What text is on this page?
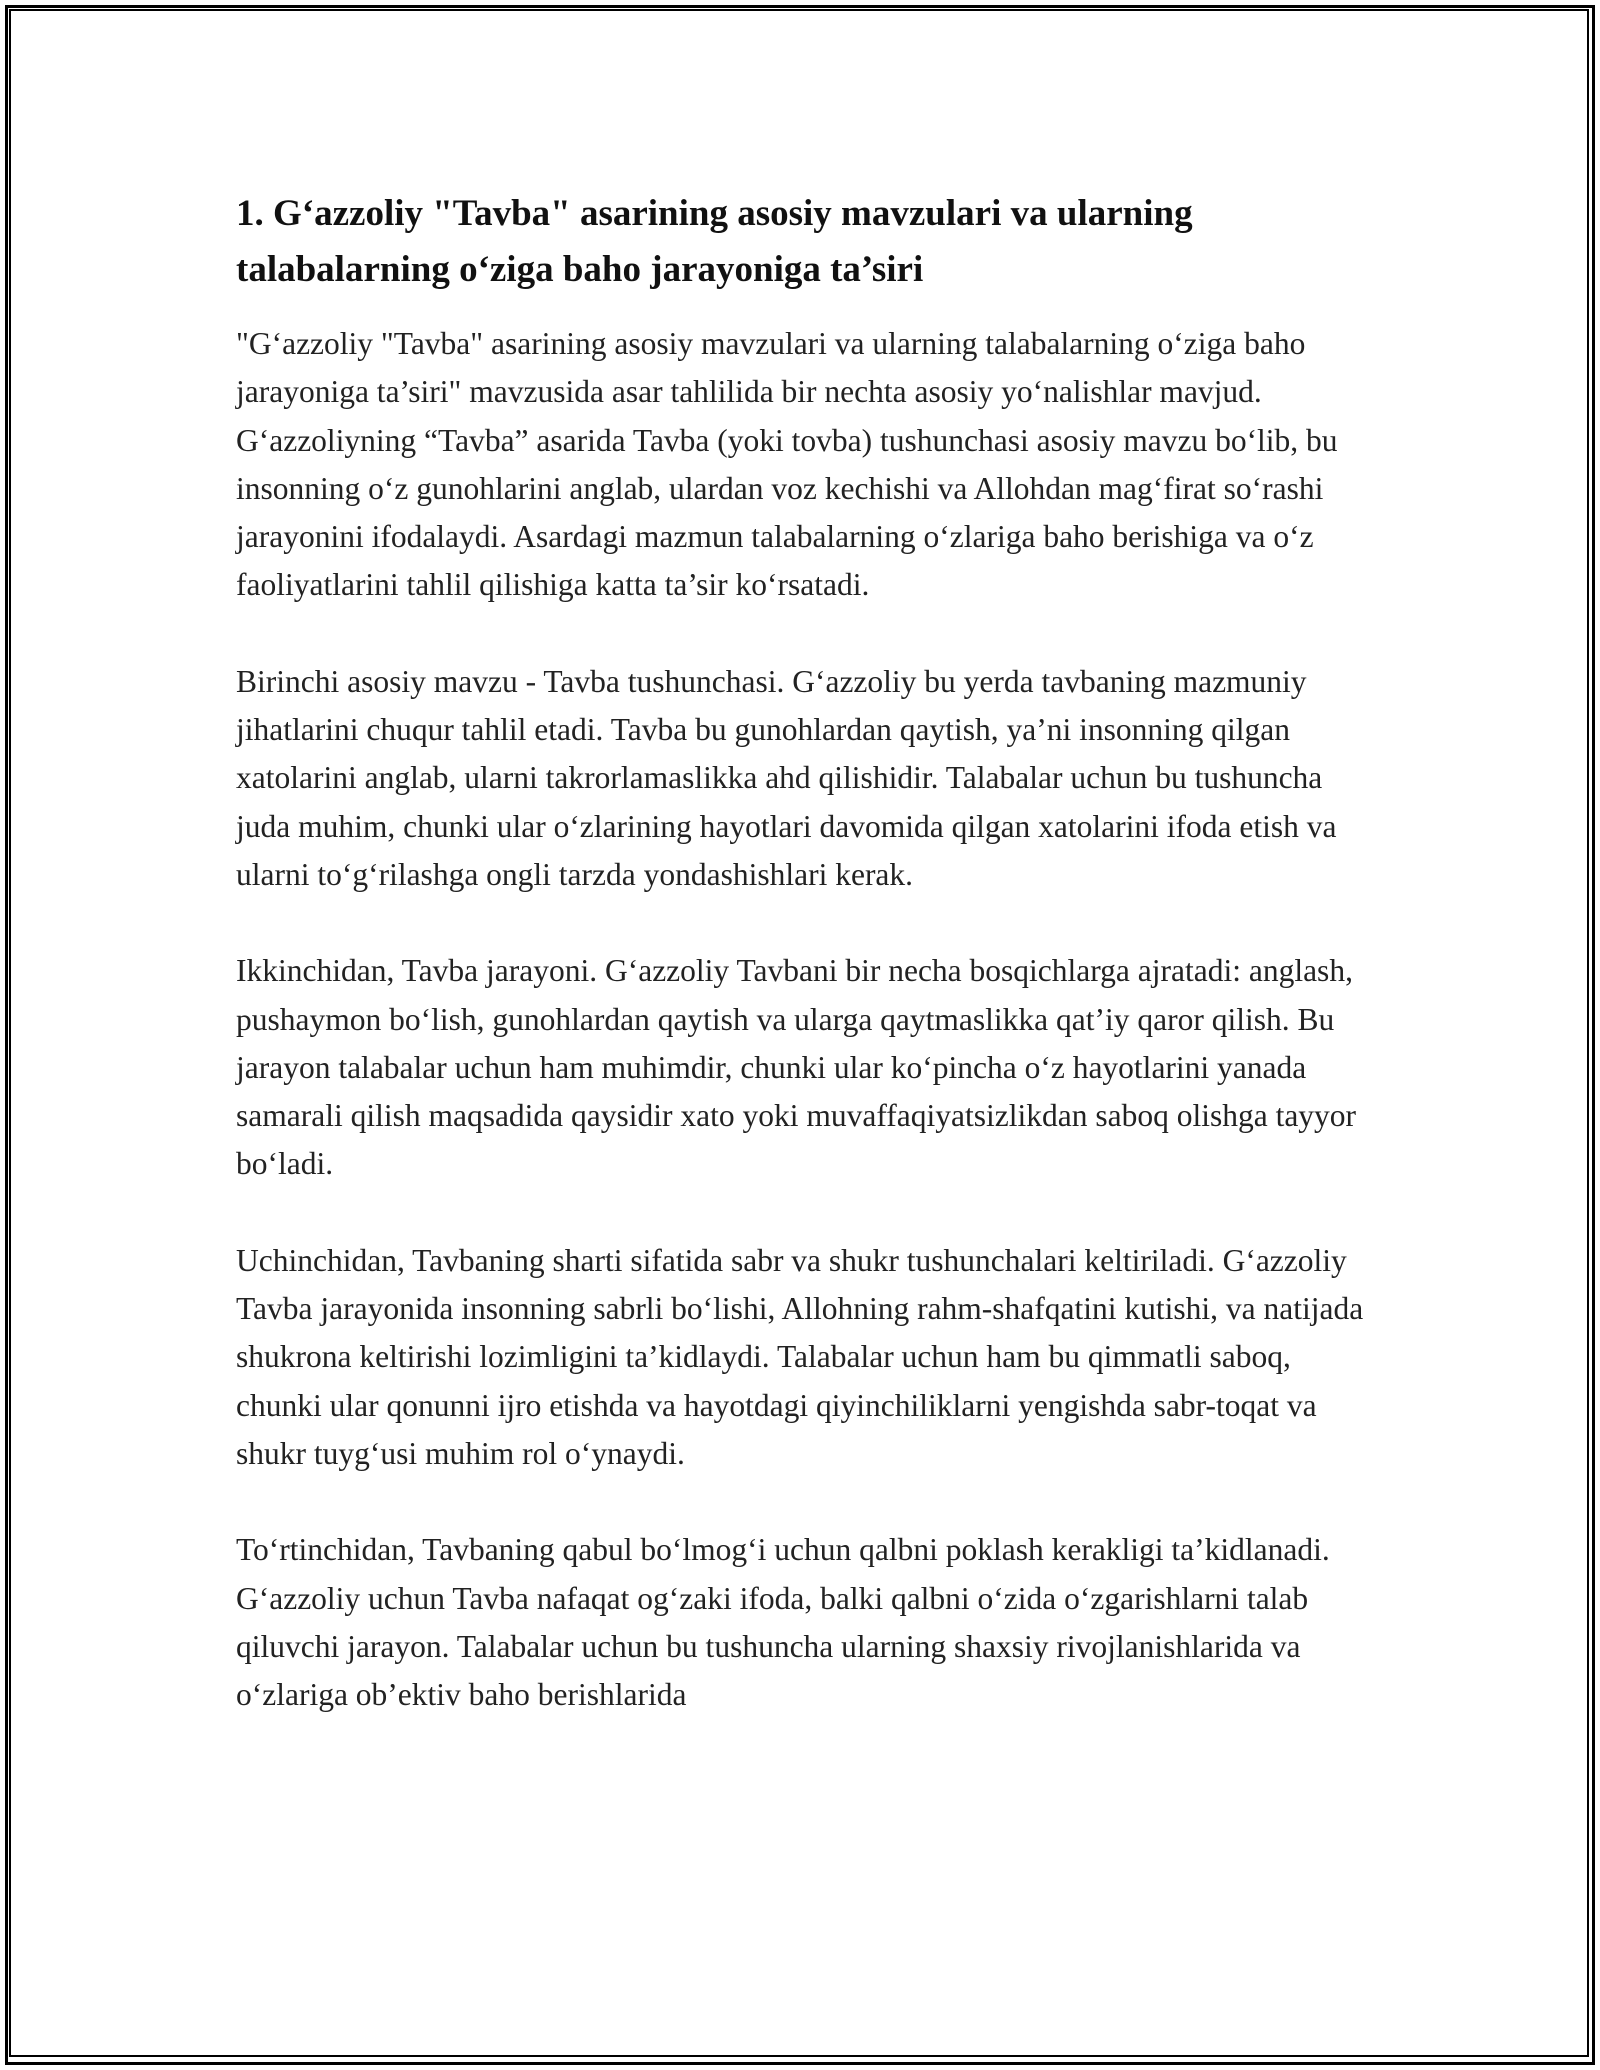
1. G‘azzoliy "Tavba" asarining asosiy mavzulari va ularning talabalarning o‘ziga baho jarayoniga ta’siri

"G‘azzoliy "Tavba" asarining asosiy mavzulari va ularning talabalarning o‘ziga baho jarayoniga ta’siri" mavzusida asar tahlilida bir nechta asosiy yo‘nalishlar mavjud. G‘azzoliyning “Tavba” asarida Tavba (yoki tovba) tushunchasi asosiy mavzu bo‘lib, bu insonning o‘z gunohlarini anglab, ulardan voz kechishi va Allohdan mag‘firat so‘rashi jarayonini ifodalaydi. Asardagi mazmun talabalarning o‘zlariga baho berishiga va o‘z faoliyatlarini tahlil qilishiga katta ta’sir ko‘rsatadi.

Birinchi asosiy mavzu - Tavba tushunchasi. G‘azzoliy bu yerda tavbaning mazmuniy jihatlarini chuqur tahlil etadi. Tavba bu gunohlardan qaytish, ya’ni insonning qilgan xatolarini anglab, ularni takrorlamaslikka ahd qilishidir. Talabalar uchun bu tushuncha juda muhim, chunki ular o‘zlarining hayotlari davomida qilgan xatolarini ifoda etish va ularni to‘g‘rilashga ongli tarzda yondashishlari kerak.

Ikkinchidan, Tavba jarayoni. G‘azzoliy Tavbani bir necha bosqichlarga ajratadi: anglash, pushaymon bo‘lish, gunohlardan qaytish va ularga qaytmaslikka qat’iy qaror qilish. Bu jarayon talabalar uchun ham muhimdir, chunki ular ko‘pincha o‘z hayotlarini yanada samarali qilish maqsadida qaysidir xato yoki muvaffaqiyatsizlikdan saboq olishga tayyor bo‘ladi.

Uchinchidan, Tavbaning sharti sifatida sabr va shukr tushunchalari keltiriladi. G‘azzoliy Tavba jarayonida insonning sabrli bo‘lishi, Allohning rahm-shafqatini kutishi, va natijada shukrona keltirishi lozimligini ta’kidlaydi. Talabalar uchun ham bu qimmatli saboq, chunki ular qonunni ijro etishda va hayotdagi qiyinchiliklarni yengishda sabr-toqat va shukr tuyg‘usi muhim rol o‘ynaydi.

To‘rtinchidan, Tavbaning qabul bo‘lmog‘i uchun qalbni poklash kerakligi ta’kidlanadi. G‘azzoliy uchun Tavba nafaqat og‘zaki ifoda, balki qalbni o‘zida o‘zgarishlarni talab qiluvchi jarayon. Talabalar uchun bu tushuncha ularning shaxsiy rivojlanishlarida va o‘zlariga ob’ektiv baho berishlarida
